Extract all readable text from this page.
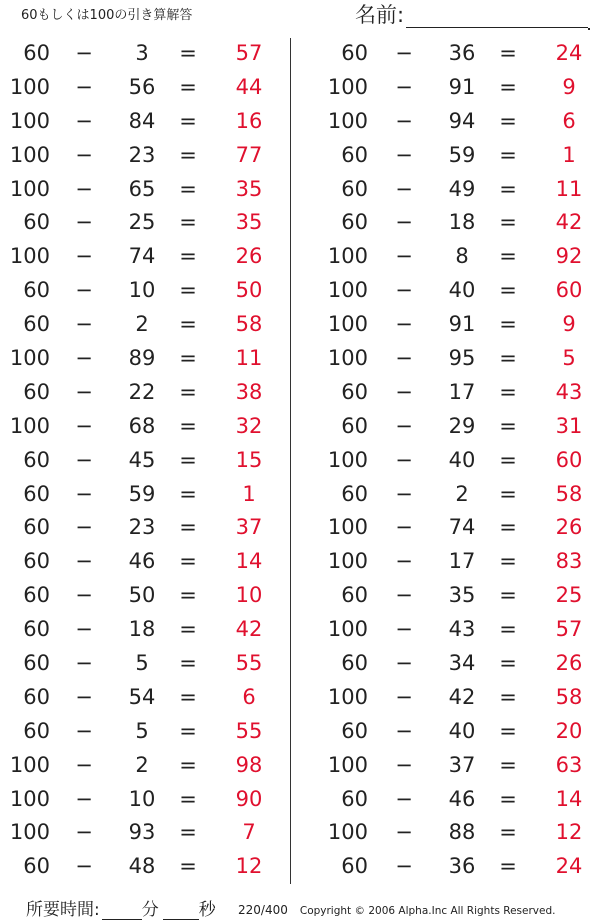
60もしくは100の引き算解答	名前:
60 −	3	=	57
100 −	56	=	44
100 −	84	=	16
100 −	23	=	77
100 −	65	=	35
60 −	25	=	35
100 −	74	=	26
60 −	10	=	50
60 −	2	=	58
100 −	89	=	11
60 −	22	=	38
100 −	68	=	32
60 −	45	=	15
60 −	59	=	1
60 −	23	=	37
60 −	46	=	14
60 −	50	=	10
60 −	18	=	42
60 −	5	=	55
60 −	54	=	6
60 −	5	=	55
100 −	2	=	98
100 −	10	=	90
100 −	93	=	7
60 −	48	=	12
60 −	36	=	24
100 −	91	=	9
100 −	94	=	6
60 −	59	=	1
60 −	49	=	11
60 −	18	=	42
100 −	8	=	92
100 −	40	=	60
100 −	91	=	9
100 −	95	=	5
60 −	17	=	43
60 −	29	=	31
100 −	40	=	60
60 −	2	=	58
100 −	74	=	26
100 −	17	=	83
60 −	35	=	25
100 −	43	=	57
60 −	34	=	26
100 −	42	=	58
60 −	40	=	20
100 −	37	=	63
60 −	46	=	14
100 −	88	=	12
60 −	36	=	24
所要時間: 分 秒 220/400 Copyright © 2006 Alpha.Inc All Rights Reserved.
